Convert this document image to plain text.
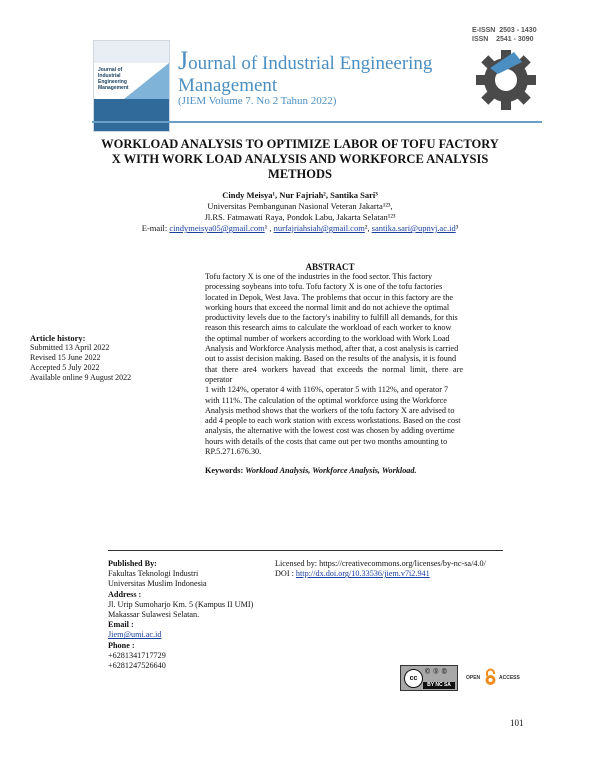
Journal of
Industrial Engineering
Management
Journal of Industrial Engineering
Management
(JIEM Volume 7. No 2 Tahun 2022)
E-ISSN  2503 - 1430
ISSN    2541 - 3090
WORKLOAD ANALYSIS TO OPTIMIZE LABOR OF TOFU FACTORY
X WITH WORK LOAD ANALYSIS AND WORKFORCE ANALYSIS
METHODS
Cindy Meisya¹, Nur Fajriah², Santika Sari³
Universitas Pembangunan Nasional Veteran Jakarta¹²³,
Jl.RS. Fatmawati Raya, Pondok Labu, Jakarta Selatan¹²³
E-mail: cindymeisya05@gmail.com¹ , nurfajriahsiah@gmail.com², santika.sari@upnvj.ac.id³
ABSTRACT
Tofu factory X is one of the industries in the food sector. This factory
processing soybeans into tofu. Tofu factory X is one of the tofu factories
located in Depok, West Java. The problems that occur in this factory are the
working hours that exceed the normal limit and do not achieve the optimal
productivity levels due to the factory's inability to fulfill all demands, for this
reason this research aims to calculate the workload of each worker to know
the optimal number of workers according to the workload with Work Load
Analysis and Workforce Analysis method, after that, a cost analysis is carried
out to assist decision making. Based on the results of the analysis, it is found
that there are4 workers havead that exceeds the normal limit, there are operator
1 with 124%, operator 4 with 116%, operator 5 with 112%, and operator 7
with 111%. The calculation of the optimal workforce using the Workforce
Analysis method shows that the workers of the tofu factory X are advised to
add 4 people to each work station with excess workstations. Based on the cost
analysis, the alternative with the lowest cost was chosen by adding overtime
hours with details of the costs that came out per two months amounting to
RP.5.271.676.30.
Article history:
Submitted 13 April 2022
Revised 15 June 2022
Accepted 5 July 2022
Available online 9 August 2022
Keywords: Workload Analysis, Workforce Analysis, Workload.
Published By:
Fakultas Teknologi Industri
Universitas Muslim Indonesia
Address :
Jl. Urip Sumoharjo Km. 5 (Kampus II UMI)
Makassar Sulawesi Selatan.
Email :
Jiem@umi.ac.id
Phone :
+6281341717729
+6281247526640
Licensed by: https://creativecommons.org/licenses/by-nc-sa/4.0/
DOI : http://dx.doi.org/10.33536/jiem.v7i2.941
cc
Ⓒ Ⓢ Ⓔ
BY NC SA
OPEN	ACCESS
101
